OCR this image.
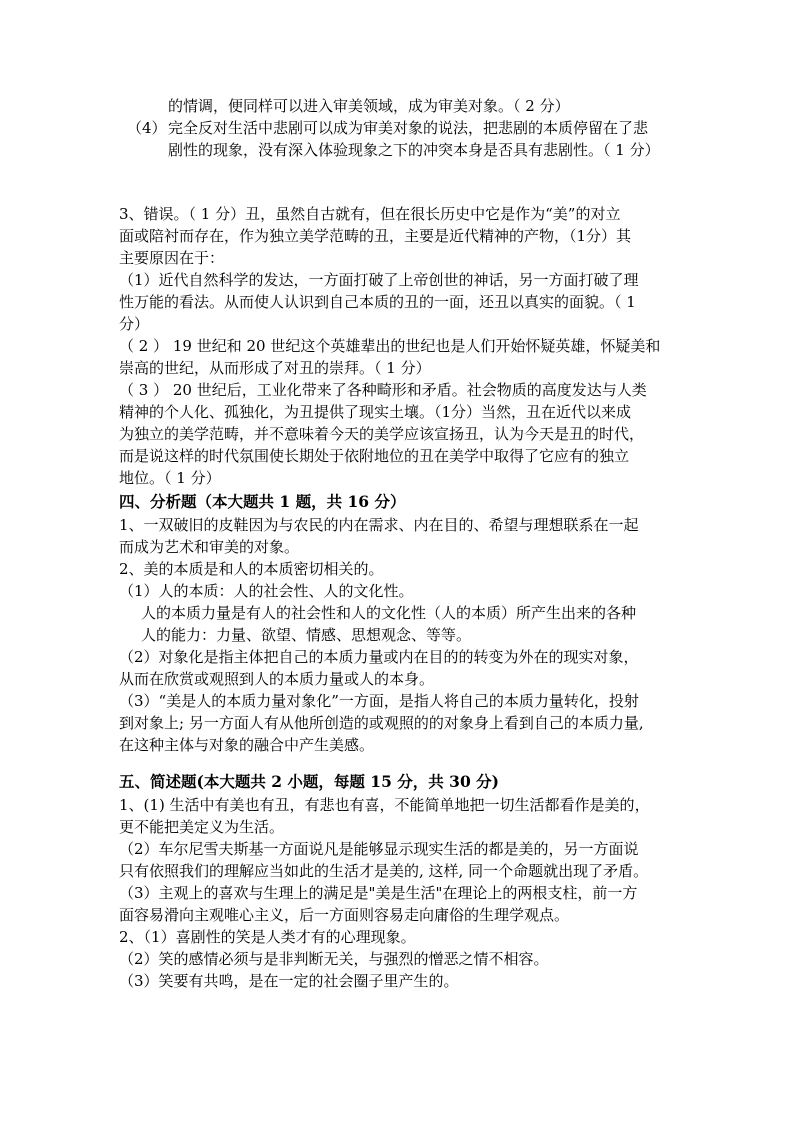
的情调，便同样可以进入审美领域，成为审美对象。（ 2 分）
（4） 完全反对生活中悲剧可以成为审美对象的说法，把悲剧的本质停留在了悲
剧性的现象，没有深入体验现象之下的冲突本身是否具有悲剧性。（ 1 分）
3、错误。（ 1 分）丑，虽然自古就有，但在很长历史中它是作为“美”的对立
面或陪衬而存在，作为独立美学范畴的丑，主要是近代精神的产物，（1分）其
主要原因在于：
（1）近代自然科学的发达，一方面打破了上帝创世的神话，另一方面打破了理
性万能的看法。从而使人认识到自己本质的丑的一面，还丑以真实的面貌。（ 1
分）
（ 2 ） 19 世纪和 20 世纪这个英雄辈出的世纪也是人们开始怀疑英雄，怀疑美和
崇高的世纪，从而形成了对丑的崇拜。（ 1 分）
（ 3 ） 20 世纪后，工业化带来了各种畸形和矛盾。社会物质的高度发达与人类
精神的个人化、孤独化，为丑提供了现实土壤。（1分）当然，丑在近代以来成
为独立的美学范畴，并不意味着今天的美学应该宣扬丑，认为今天是丑的时代，
而是说这样的时代氛围使长期处于依附地位的丑在美学中取得了它应有的独立
地位。（ 1 分）
四、分析题（本大题共 1 题，共 16 分）
1、一双破旧的皮鞋因为与农民的内在需求、内在目的、希望与理想联系在一起
而成为艺术和审美的对象。
2、美的本质是和人的本质密切相关的。
（1）人的本质：人的社会性、人的文化性。
人的本质力量是有人的社会性和人的文化性（人的本质）所产生出来的各种
人的能力：力量、欲望、情感、思想观念、等等。
（2）对象化是指主体把自己的本质力量或内在目的的转变为外在的现实对象，
从而在欣赏或观照到人的本质力量或人的本身。
（3）“美是人的本质力量对象化”一方面，是指人将自己的本质力量转化，投射
到对象上; 另一方面人有从他所创造的或观照的的对象身上看到自己的本质力量,
在这种主体与对象的融合中产生美感。
五、简述题(本大题共 2 小题，每题 15 分，共 30 分)
1、(1) 生活中有美也有丑，有悲也有喜，不能简单地把一切生活都看作是美的，
更不能把美定义为生活。
（2）车尔尼雪夫斯基一方面说凡是能够显示现实生活的都是美的，另一方面说
只有依照我们的理解应当如此的生活才是美的, 这样, 同一个命题就出现了矛盾。
（3）主观上的喜欢与生理上的满足是"美是生活"在理论上的两根支柱，前一方
面容易滑向主观唯心主义，后一方面则容易走向庸俗的生理学观点。
2、（1）喜剧性的笑是人类才有的心理现象。
（2）笑的感情必须与是非判断无关，与强烈的憎恶之情不相容。
（3）笑要有共鸣，是在一定的社会圈子里产生的。
